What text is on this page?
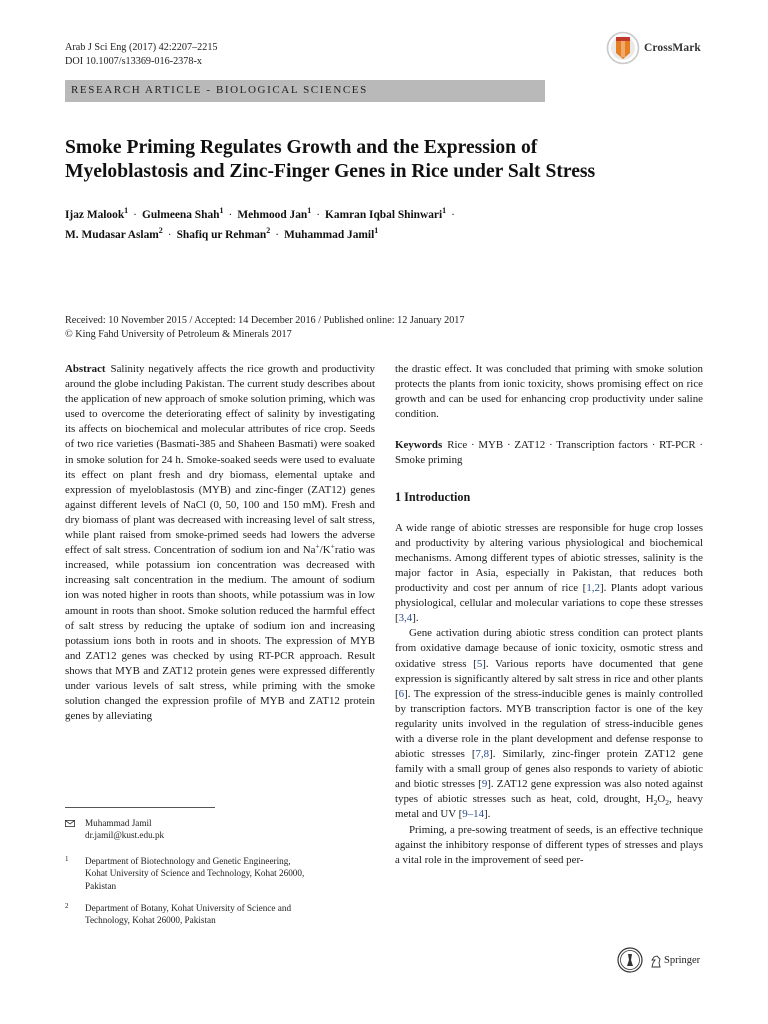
Arab J Sci Eng (2017) 42:2207–2215
DOI 10.1007/s13369-016-2378-x
CrossMark
RESEARCH ARTICLE - BIOLOGICAL SCIENCES
Smoke Priming Regulates Growth and the Expression of
Myeloblastosis and Zinc-Finger Genes in Rice under Salt Stress
Ijaz Malook$^1$ · Gulmeena Shah$^1$ · Mehmood Jan$^1$ · Kamran Iqbal Shinwari$^1$ ·
M. Mudasar Aslam$^2$ · Shafiq ur Rehman$^2$ · Muhammad Jamil$^1$
Received: 10 November 2015 / Accepted: 14 December 2016 / Published online: 12 January 2017
© King Fahd University of Petroleum & Minerals 2017

Abstract Salinity negatively affects the rice growth and productivity around the globe including Pakistan. The current study describes about the application of new approach of smoke solution priming, which was used to overcome the deteriorating effect of salinity by investigating its affects on biochemical and molecular attributes of rice crop. Seeds of two rice varieties (Basmati-385 and Shaheen Basmati) were soaked in smoke solution for 24 h. Smoke-soaked seeds were used to evaluate its effect on plant fresh and dry biomass, elemental uptake and expression of myeloblastosis (MYB) and zinc-finger (ZAT12) genes against different levels of NaCl (0, 50, 100 and 150 mM). Fresh and dry biomass of plant was decreased with increasing level of salt stress, while plant raised from smoke-primed seeds had lowers the adverse effect of salt stress. Concentration of sodium ion and Na+/K+ratio was increased, while potassium ion concentration was decreased with increasing salt concentration in the medium. The amount of sodium ion was noted higher in roots than shoots, while potassium was in low amount in roots than shoot. Smoke solution reduced the harmful effect of salt stress by reducing the uptake of sodium ion and increasing potassium ions both in roots and in shoots. The expression of MYB and ZAT12 genes was checked by using RT-PCR approach. Result shows that MYB and ZAT12 protein genes were expressed differently under various levels of salt stress, while priming with the smoke solution changed the expression profile of MYB and ZAT12 protein genes by alleviating

the drastic effect. It was concluded that priming with smoke solution protects the plants from ionic toxicity, shows promising effect on rice growth and can be used for enhancing crop productivity under saline condition.

Keywords Rice · MYB · ZAT12 · Transcription factors · RT-PCR · Smoke priming

1 Introduction

A wide range of abiotic stresses are responsible for huge crop losses and productivity by altering various physiological and biochemical mechanisms. Among different types of abiotic stresses, salinity is the major factor in Asia, especially in Pakistan, that reduces both productivity and cost per annum of rice [1,2]. Plants adopt various physiological, cellular and molecular variations to cope these stresses [3,4].

Gene activation during abiotic stress condition can protect plants from oxidative damage because of ionic toxicity, osmotic stress and oxidative stress [5]. Various reports have documented that gene expression is significantly altered by salt stress in rice and other plants [6]. The expression of the stress-inducible genes is mainly controlled by transcription factors. MYB transcription factor is one of the key regularity units involved in the regulation of stress-inducible genes with a diverse role in the plant development and defense response to abiotic stresses [7,8]. Similarly, zinc-finger protein ZAT12 gene family with a small group of genes also responds to variety of abiotic and biotic stresses [9]. ZAT12 gene expression was also noted against types of abiotic stresses such as heat, cold, drought, $H_2O_2$, heavy metal and UV [9–14].

Priming, a pre-sowing treatment of seeds, is an effective technique against the inhibitory response of different types of stresses and plays a vital role in the improvement of seed per-

Muhammad Jamil
dr.jamil@kust.edu.pk
1 Department of Biotechnology and Genetic Engineering,
Kohat University of Science and Technology, Kohat 26000,
Pakistan
2 Department of Botany, Kohat University of Science and
Technology, Kohat 26000, Pakistan
Springer
